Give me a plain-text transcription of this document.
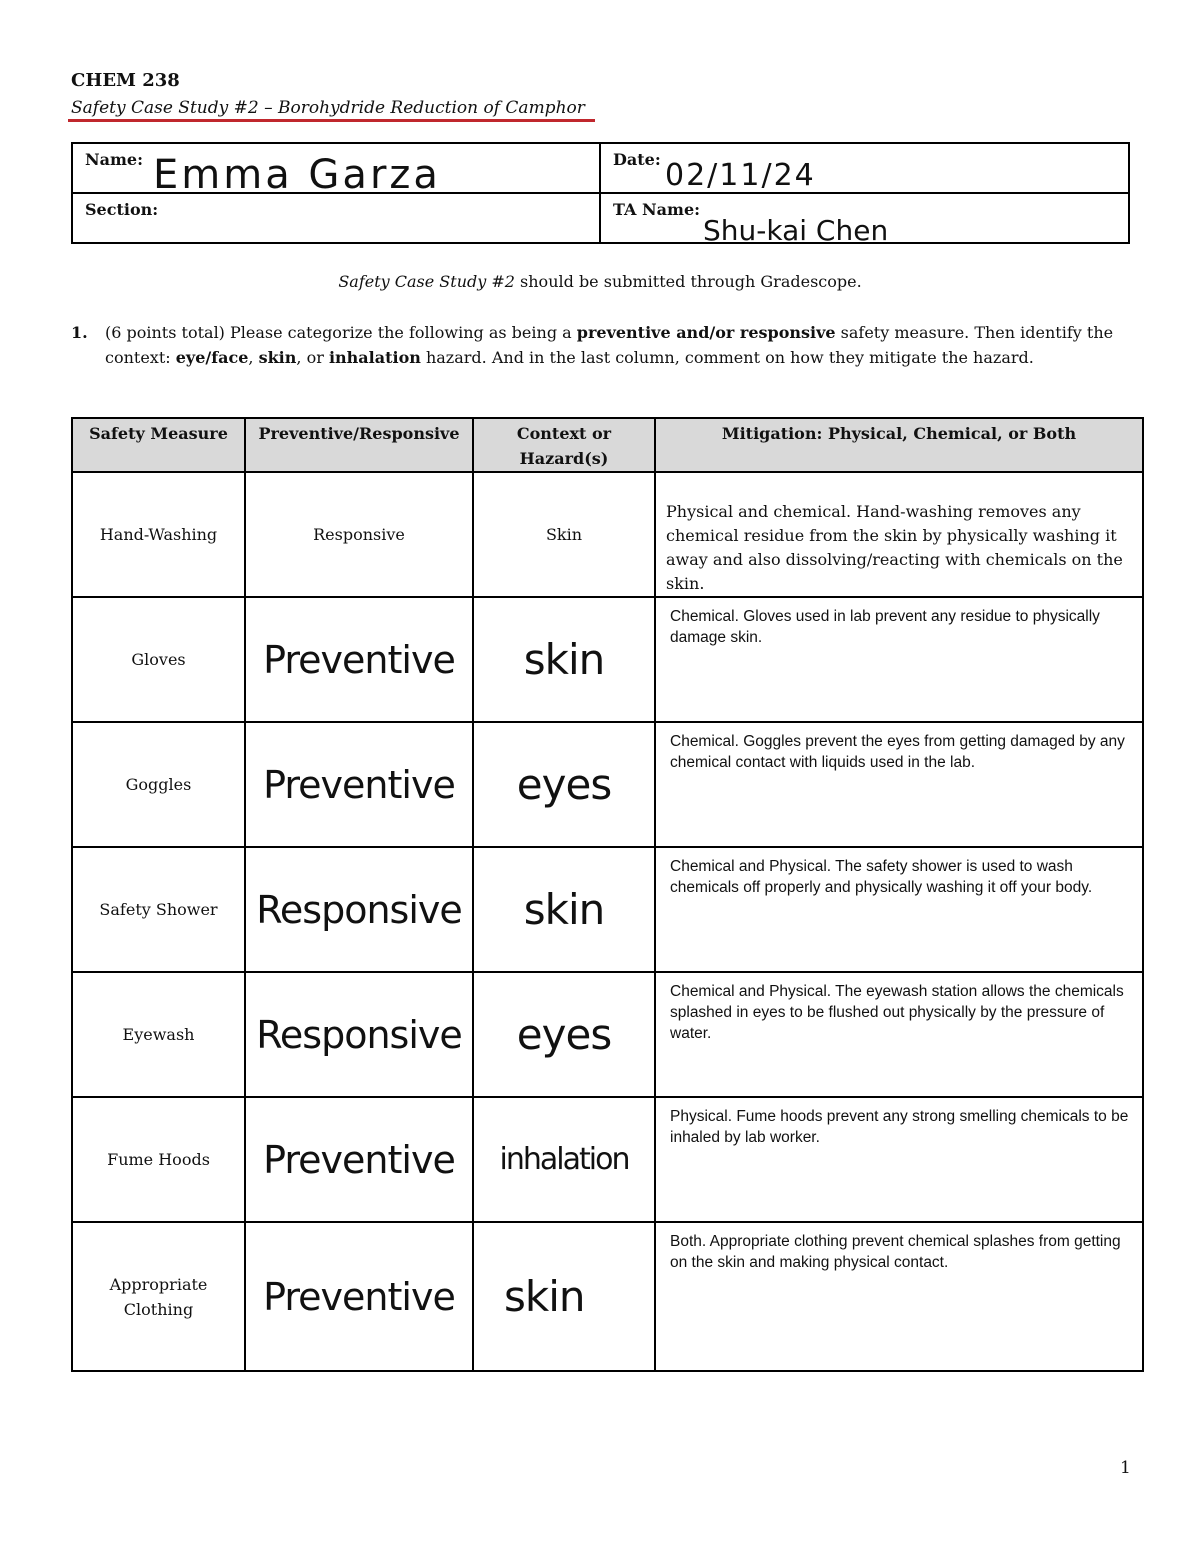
CHEM 238
Safety Case Study #2 – Borohydride Reduction of Camphor
Name: Emma Garza	Date: 02/11/24

Section:	TA Name:
Shu-kai Chen
Safety Case Study #2 should be submitted through Gradescope.
1. (6 points total) Please categorize the following as being a preventive and/or responsive safety measure. Then identify the context: eye/face, skin, or inhalation hazard. And in the last column, comment on how they mitigate the hazard.
Safety Measure	Preventive/Responsive	Context or Hazard(s)	Mitigation: Physical, Chemical, or Both
Hand-Washing	Responsive	Skin	Physical and chemical. Hand-washing removes any chemical residue from the skin by physically washing it away and also dissolving/reacting with chemicals on the skin.
Gloves	Preventive	skin	Chemical. Gloves used in lab prevent any residue to physically damage skin.
Goggles	Preventive	eyes	Chemical. Goggles prevent the eyes from getting damaged by any chemical contact with liquids used in the lab.
Safety Shower	Responsive	skin	Chemical and Physical. The safety shower is used to wash chemicals off properly and physically washing it off your body.
Eyewash	Responsive	eyes	Chemical and Physical. The eyewash station allows the chemicals splashed in eyes to be flushed out physically by the pressure of water.
Fume Hoods	Preventive	inhalation	Physical. Fume hoods prevent any strong smelling chemicals to be inhaled by lab worker.

Appropriate Clothing	Preventive	skin	Both. Appropriate clothing prevent chemical splashes from getting on the skin and making physical contact.
1
